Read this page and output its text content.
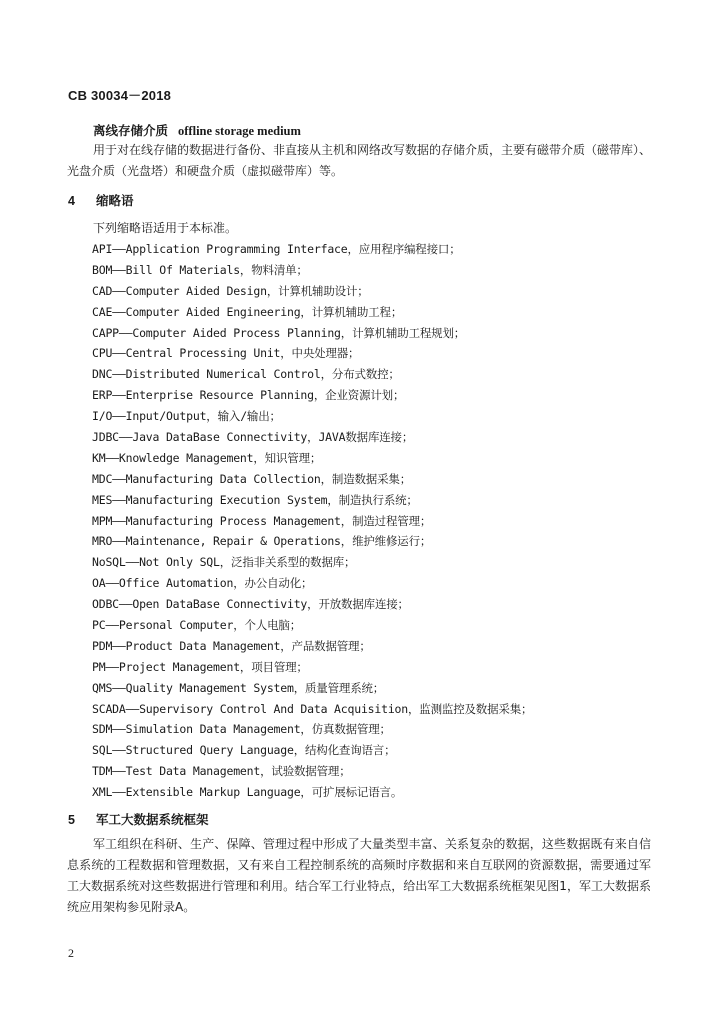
CB 30034－2018
离线存储介质 offline storage medium
用于对在线存储的数据进行备份、非直接从主机和网络改写数据的存储介质，主要有磁带介质（磁带库）、光盘介质（光盘塔）和硬盘介质（虚拟磁带库）等。
4 缩略语
下列缩略语适用于本标准。
API——Application Programming Interface，应用程序编程接口；
BOM——Bill Of Materials，物料清单；
CAD——Computer Aided Design，计算机辅助设计；
CAE——Computer Aided Engineering，计算机辅助工程；
CAPP——Computer Aided Process Planning，计算机辅助工程规划；
CPU——Central Processing Unit，中央处理器；
DNC——Distributed Numerical Control，分布式数控；
ERP——Enterprise Resource Planning，企业资源计划；
I/O——Input/Output，输入/输出；
JDBC——Java DataBase Connectivity，JAVA数据库连接；
KM——Knowledge Management，知识管理；
MDC——Manufacturing Data Collection，制造数据采集；
MES——Manufacturing Execution System，制造执行系统；
MPM——Manufacturing Process Management，制造过程管理；
MRO——Maintenance, Repair & Operations，维护维修运行；
NoSQL——Not Only SQL，泛指非关系型的数据库；
OA——Office Automation，办公自动化；
ODBC——Open DataBase Connectivity，开放数据库连接；
PC——Personal Computer，个人电脑；
PDM——Product Data Management，产品数据管理；
PM——Project Management，项目管理；
QMS——Quality Management System，质量管理系统；
SCADA——Supervisory Control And Data Acquisition，监测监控及数据采集；
SDM——Simulation Data Management，仿真数据管理；
SQL——Structured Query Language，结构化查询语言；
TDM——Test Data Management，试验数据管理；
XML——Extensible Markup Language，可扩展标记语言。
5 军工大数据系统框架
军工组织在科研、生产、保障、管理过程中形成了大量类型丰富、关系复杂的数据，这些数据既有来自信息系统的工程数据和管理数据，又有来自工程控制系统的高频时序数据和来自互联网的资源数据，需要通过军工大数据系统对这些数据进行管理和利用。结合军工行业特点，给出军工大数据系统框架见图1，军工大数据系统应用架构参见附录A。
2
